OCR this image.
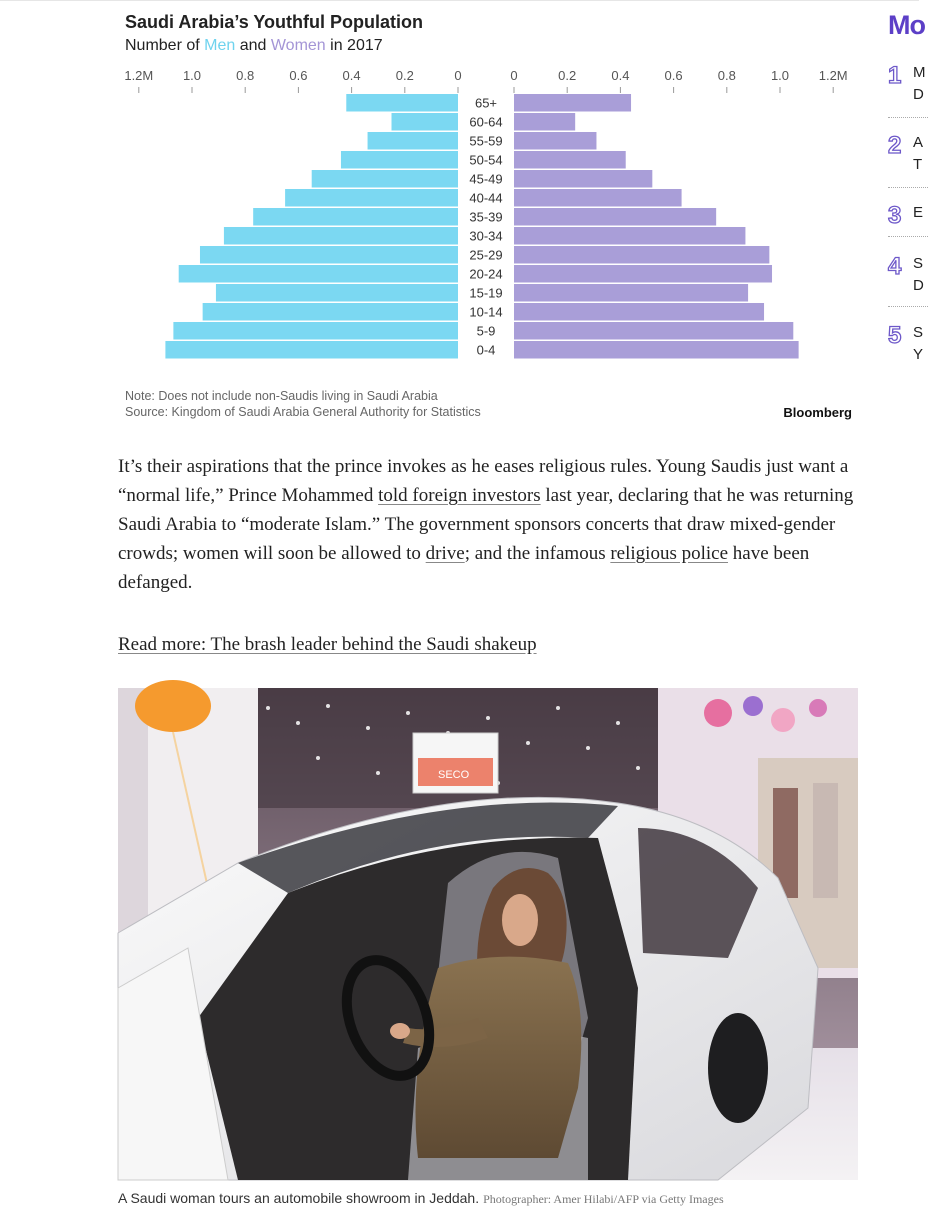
Saudi Arabia’s Youthful Population
Number of Men and Women in 2017
1.2M 1.0	0.8	0.6	0.4	0.2	0	0	0.2	0.4	0.6	0.8	1.0 1.2M
65+
60-64
55-59
50-54
45-49
40-44
35-39
30-34
25-29
20-24
15-19
10-14
5-9
0-4
Note: Does not include non-Saudis living in Saudi Arabia
Source: Kingdom of Saudi Arabia General Authority for Statistics	Bloomberg

It’s their aspirations that the prince invokes as he eases religious rules. Young Saudis just want a “normal life,” Prince Mohammed told foreign investors last year, declaring that he was returning Saudi Arabia to “moderate Islam.” The government sponsors concerts that draw mixed-gender crowds; women will soon be allowed to drive; and the infamous religious police have been defanged.

Read more: The brash leader behind the Saudi shakeup
SECO
A Saudi woman tours an automobile showroom in Jeddah. Photographer: Amer Hilabi/AFP via Getty Images
Mo
1 M
D
2 A
T
3 E
4 S
D
5 S
Y
